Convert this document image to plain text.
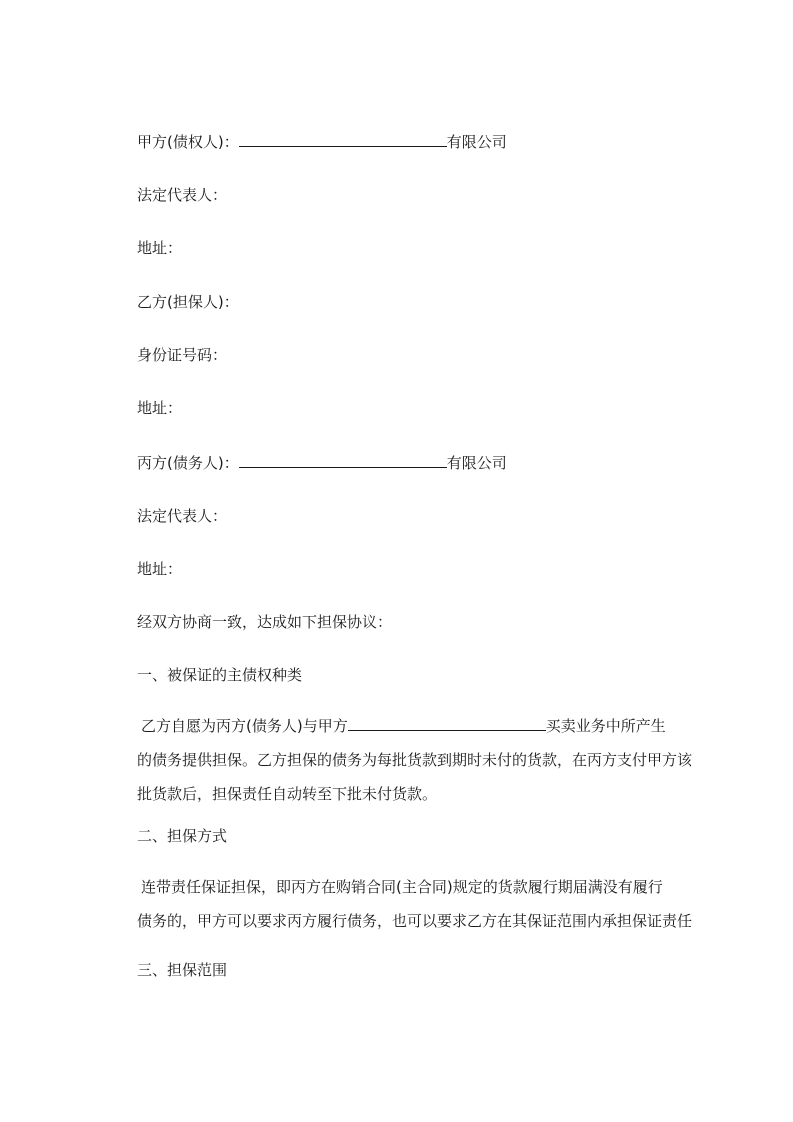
甲方(债权人)：	有限公司
法定代表人：
地址：
乙方(担保人)：
身份证号码：
地址：
丙方(债务人)：	有限公司
法定代表人：
地址：
经双方协商一致，达成如下担保协议：
一、被保证的主债权种类
乙方自愿为丙方(债务人)与甲方	买卖业务中所产生
的债务提供担保。乙方担保的债务为每批货款到期时未付的货款，在丙方支付甲方该
批货款后，担保责任自动转至下批未付货款。
二、担保方式
连带责任保证担保，即丙方在购销合同(主合同)规定的货款履行期届满没有履行
债务的，甲方可以要求丙方履行债务，也可以要求乙方在其保证范围内承担保证责任
三、担保范围
